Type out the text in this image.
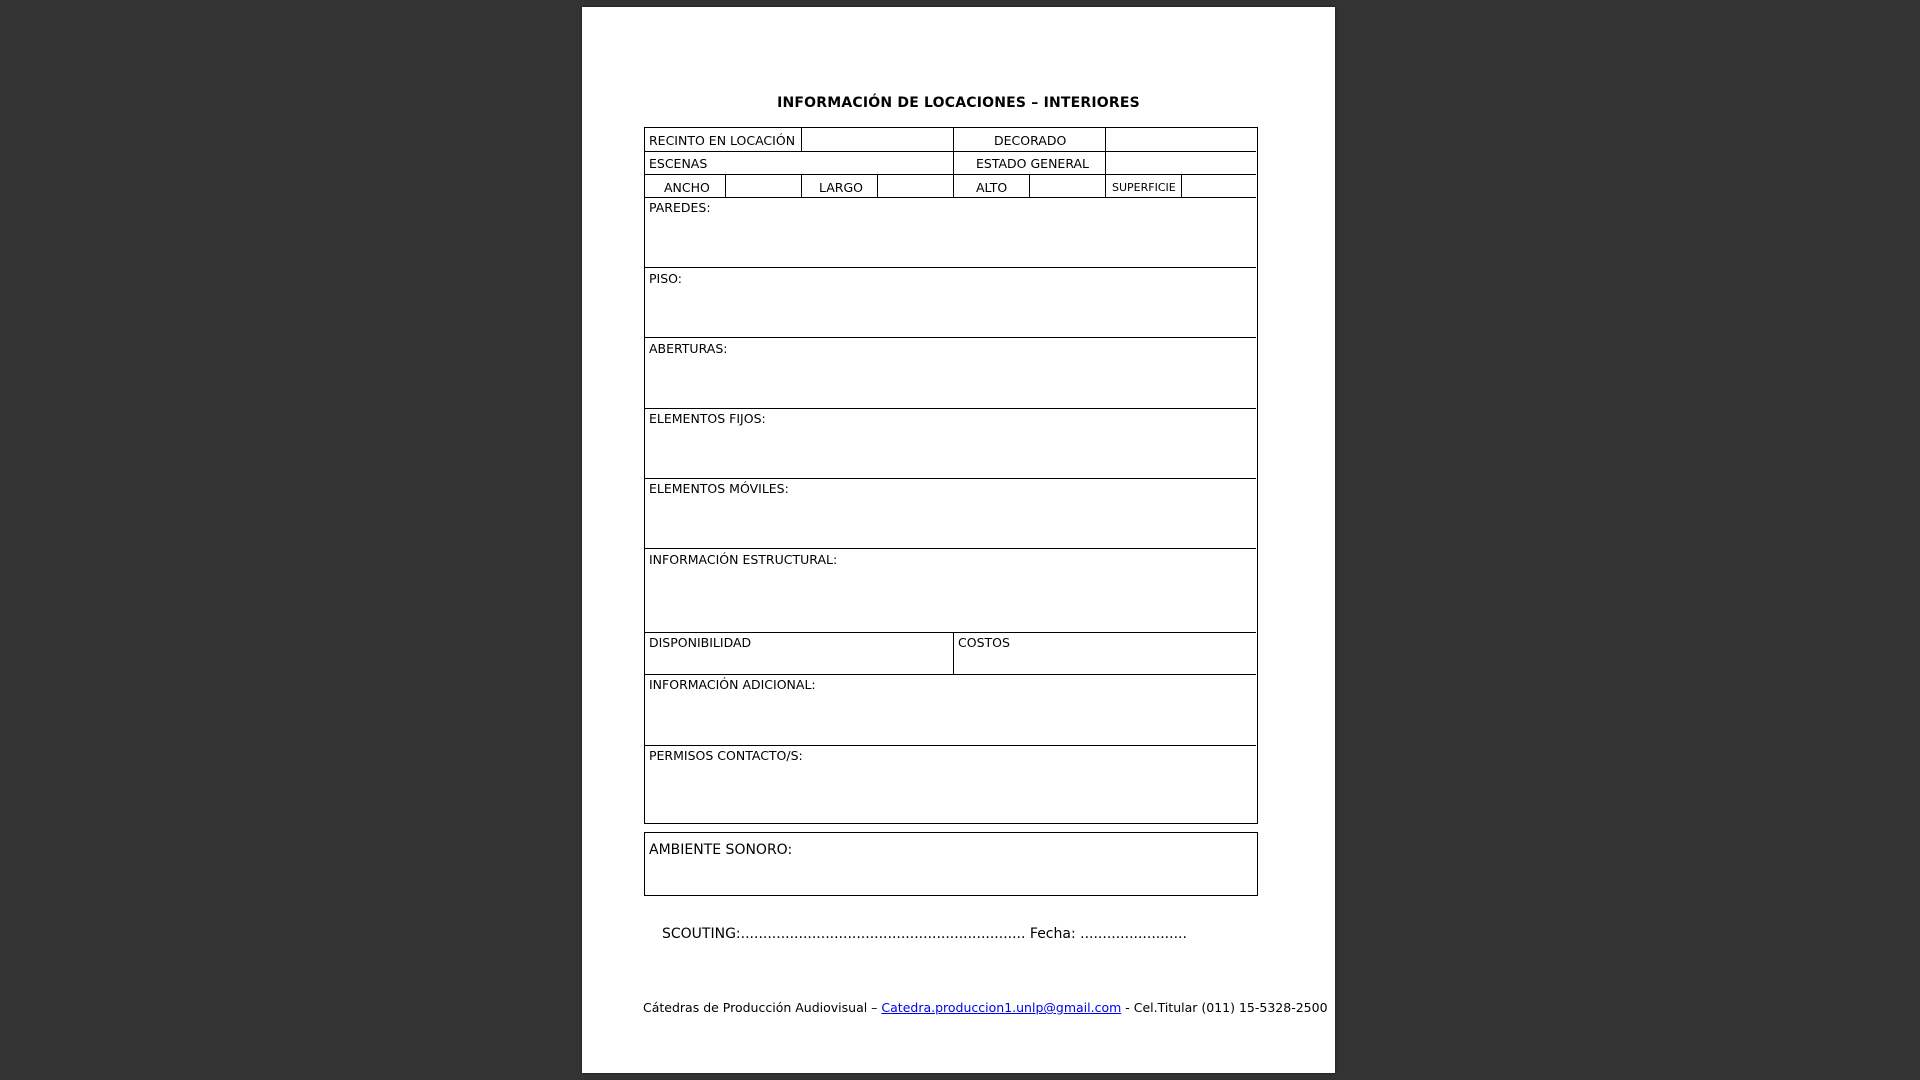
INFORMACIÓN DE LOCACIONES – INTERIORES
RECINTO EN LOCACIÓN	DECORADO
ESCENAS	ESTADO GENERAL
ANCHO	LARGO	ALTO	SUPERFICIE
PAREDES:
PISO:
ABERTURAS:
ELEMENTOS FIJOS:
ELEMENTOS MÓVILES:
INFORMACIÓN ESTRUCTURAL:
DISPONIBILIDAD	COSTOS
INFORMACIÓN ADICIONAL:
PERMISOS CONTACTO/S:
AMBIENTE SONORO:
SCOUTING:................................................................ Fecha: ........................
Cátedras de Producción Audiovisual – Catedra.produccion1.unlp@gmail.com - Cel.Titular (011) 15-5328-2500
